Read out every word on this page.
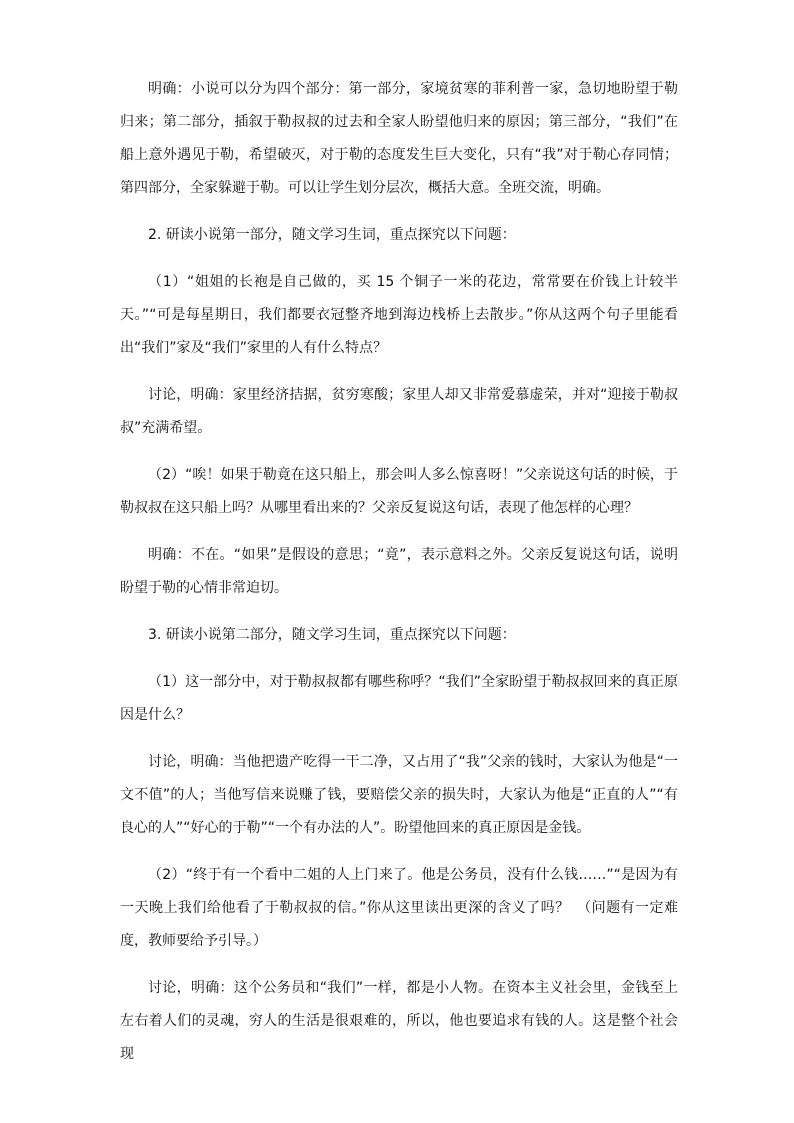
明确：小说可以分为四个部分：第一部分，家境贫寒的菲利普一家，急切地盼望于勒归来；第二部分，插叙于勒叔叔的过去和全家人盼望他归来的原因；第三部分，“我们”在船上意外遇见于勒，希望破灭，对于勒的态度发生巨大变化，只有“我”对于勒心存同情；第四部分，全家躲避于勒。可以让学生划分层次，概括大意。全班交流，明确。

2. 研读小说第一部分，随文学习生词，重点探究以下问题：

（1）“姐姐的长袍是自己做的，买 15 个铜子一米的花边，常常要在价钱上计较半天。”“可是每星期日，我们都要衣冠整齐地到海边栈桥上去散步。”你从这两个句子里能看出“我们”家及“我们”家里的人有什么特点？

讨论，明确：家里经济拮据，贫穷寒酸；家里人却又非常爱慕虚荣，并对“迎接于勒叔叔”充满希望。

（2）“唉！如果于勒竟在这只船上，那会叫人多么惊喜呀！”父亲说这句话的时候，于勒叔叔在这只船上吗？从哪里看出来的？父亲反复说这句话，表现了他怎样的心理？

明确：不在。“如果”是假设的意思；“竟”，表示意料之外。父亲反复说这句话，说明盼望于勒的心情非常迫切。

3. 研读小说第二部分，随文学习生词，重点探究以下问题：

（1）这一部分中，对于勒叔叔都有哪些称呼？“我们”全家盼望于勒叔叔回来的真正原因是什么？

讨论，明确：当他把遗产吃得一干二净，又占用了“我”父亲的钱时，大家认为他是“一文不值”的人；当他写信来说赚了钱，要赔偿父亲的损失时，大家认为他是“正直的人”“有良心的人”“好心的于勒”“一个有办法的人”。盼望他回来的真正原因是金钱。

（2）“终于有一个看中二姐的人上门来了。他是公务员，没有什么钱……”“是因为有一天晚上我们给他看了于勒叔叔的信。”你从这里读出更深的含义了吗？　（问题有一定难度，教师要给予引导。）

讨论，明确：这个公务员和“我们”一样，都是小人物。在资本主义社会里，金钱至上左右着人们的灵魂，穷人的生活是很艰难的，所以，他也要追求有钱的人。这是整个社会现
